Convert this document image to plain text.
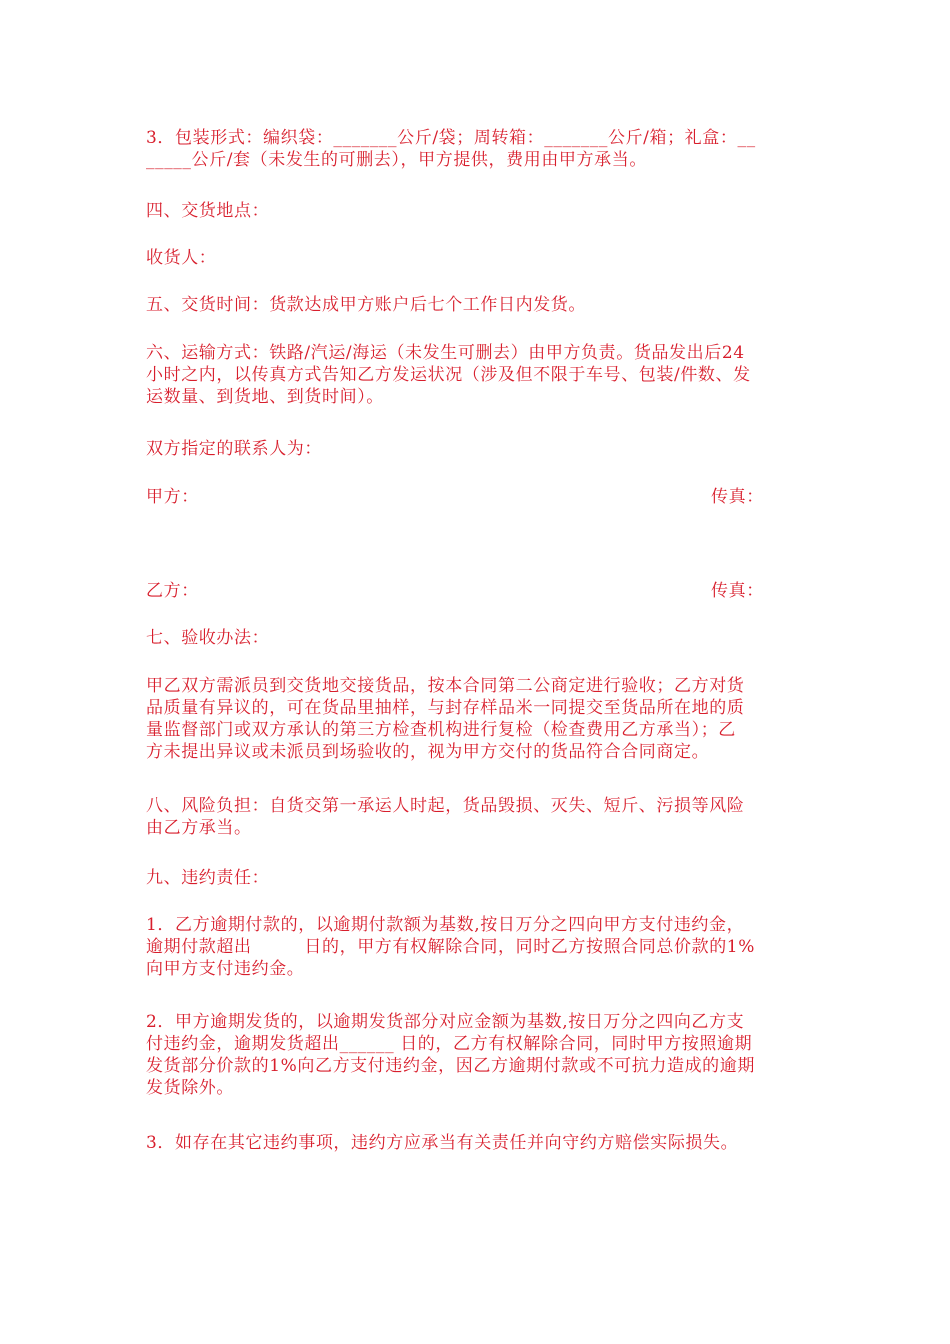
3．包装形式：编织袋：_______公斤/袋；周转箱：_______公斤/箱；礼盒：__
_____公斤/套（未发生的可删去），甲方提供，费用由甲方承当。
四、交货地点：
收货人：
五、交货时间：货款达成甲方账户后七个工作日内发货。
六、运输方式：铁路/汽运/海运（未发生可删去）由甲方负责。货品发出后24
小时之内，以传真方式告知乙方发运状况（涉及但不限于车号、包装/件数、发
运数量、到货地、到货时间）。
双方指定的联系人为：
甲方：	传真：
乙方：	传真：
七、验收办法：
甲乙双方需派员到交货地交接货品，按本合同第二公商定进行验收；乙方对货
品质量有异议的，可在货品里抽样，与封存样品米一同提交至货品所在地的质
量监督部门或双方承认的第三方检查机构进行复检（检查费用乙方承当）；乙
方未提出异议或未派员到场验收的，视为甲方交付的货品符合合同商定。
八、风险负担：自货交第一承运人时起，货品毁损、灭失、短斤、污损等风险
由乙方承当。
九、违约责任：
1．乙方逾期付款的，以逾期付款额为基数,按日万分之四向甲方支付违约金，
逾期付款超出　　　日的，甲方有权解除合同，同时乙方按照合同总价款的1%
向甲方支付违约金。
2．甲方逾期发货的，以逾期发货部分对应金额为基数,按日万分之四向乙方支
付违约金，逾期发货超出______ 日的，乙方有权解除合同，同时甲方按照逾期
发货部分价款的1%向乙方支付违约金，因乙方逾期付款或不可抗力造成的逾期
发货除外。
3．如存在其它违约事项，违约方应承当有关责任并向守约方赔偿实际损失。
